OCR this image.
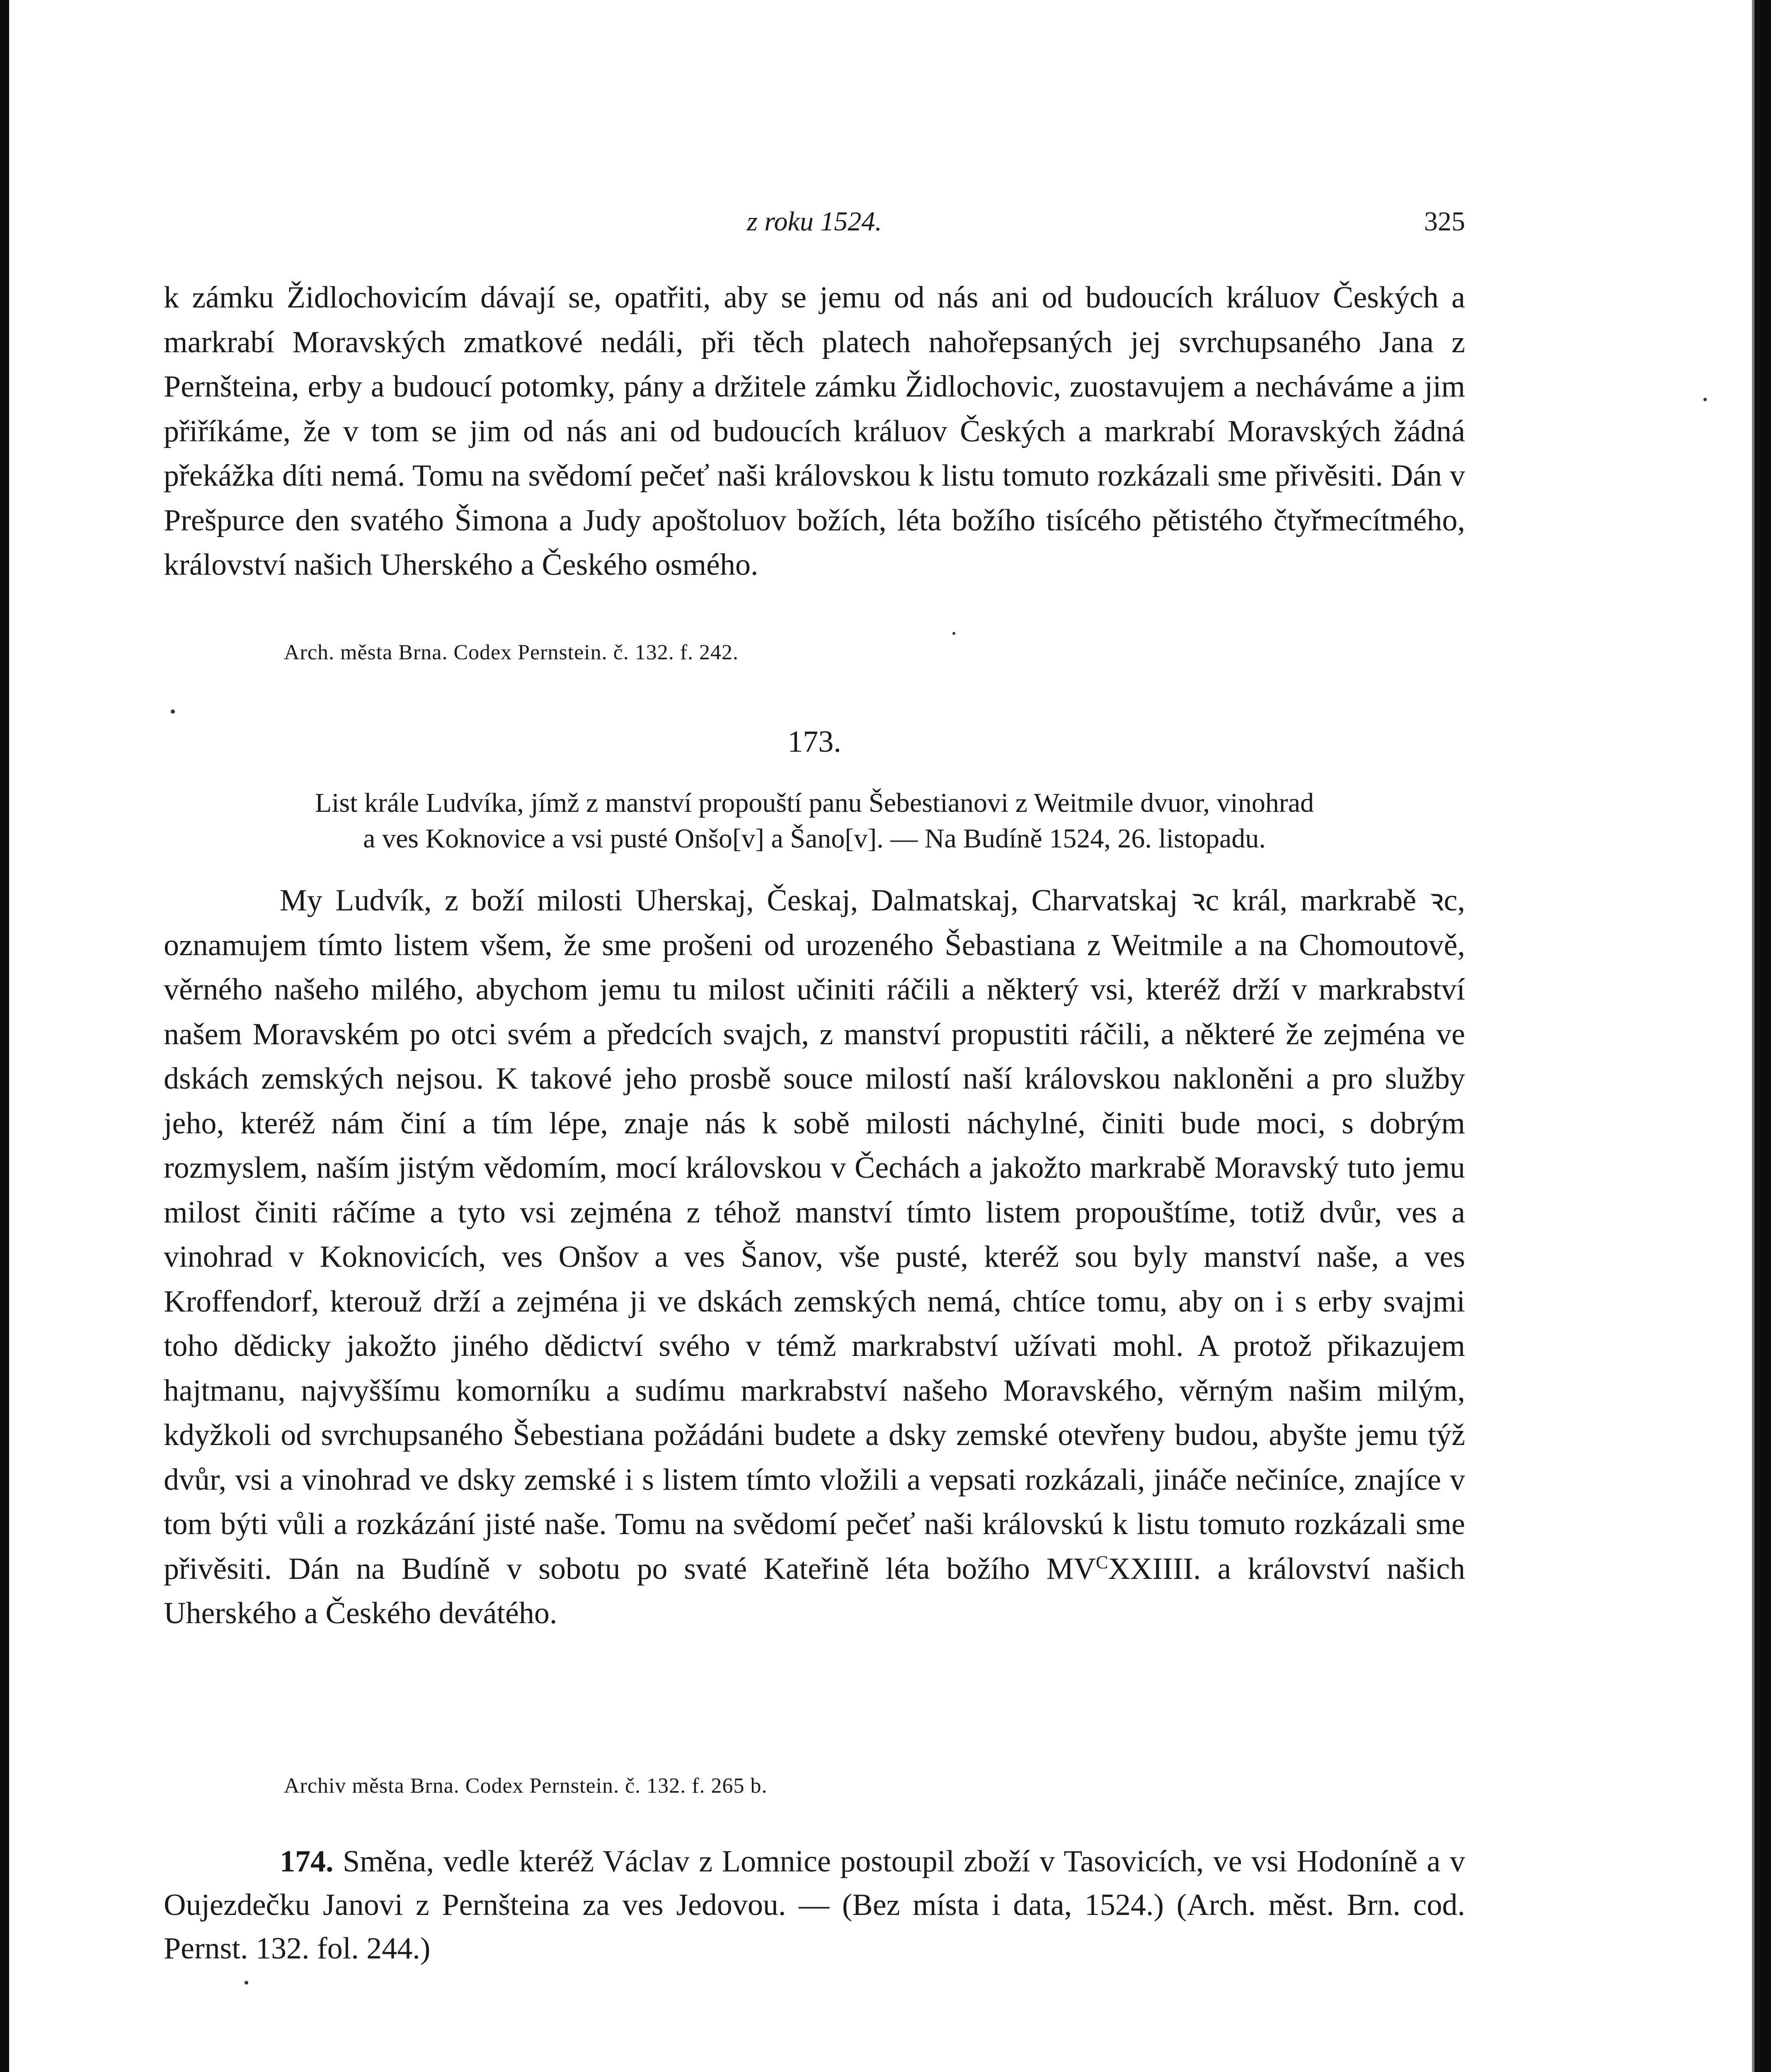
z roku 1524.	325

k zámku Židlochovicím dávají se, opatřiti, aby se jemu od nás ani od budoucích králuov Českých a markrabí Moravských zmatkové nedáli, při těch platech nahořepsaných jej svrchupsaného Jana z Pernšteina, erby a budoucí potomky, pány a držitele zámku Židlochovic, zuostavujem a necháváme a jim přiříkáme, že v tom se jim od nás ani od budoucích králuov Českých a markrabí Moravských žádná překážka díti nemá. Tomu na svědomí pečeť naši královskou k listu tomuto rozkázali sme přivěsiti. Dán v Prešpurce den svatého Šimona a Judy apoštoluov božích, léta božího tisícého pětistého čtyřmecítmého, království našich Uherského a Českého osmého.

Arch. města Brna. Codex Pernstein. č. 132. f. 242.
173.
List krále Ludvíka, jímž z manství propouští panu Šebestianovi z Weitmile dvuor, vinohrad
a ves Koknovice a vsi pusté Onšo[v] a Šano[v]. — Na Budíně 1524, 26. listopadu.

My Ludvík, z boží milosti Uherskaj, Českaj, Dalmatskaj, Charvatskaj ꝛc král, markrabě ꝛc, oznamujem tímto listem všem, že sme prošeni od urozeného Šebastiana z Weitmile a na Chomoutově, věrného našeho milého, abychom jemu tu milost učiniti ráčili a některý vsi, kteréž drží v markrabství našem Moravském po otci svém a předcích svajch, z manství propustiti ráčili, a některé že zejména ve dskách zemských nejsou. K takové jeho prosbě souce milostí naší královskou nakloněni a pro služby jeho, kteréž nám činí a tím lépe, znaje nás k sobě milosti náchylné, činiti bude moci, s dobrým rozmyslem, naším jistým vědomím, mocí královskou v Čechách a jakožto markrabě Moravský tuto jemu milost činiti ráčíme a tyto vsi zejména z téhož manství tímto listem propouštíme, totiž dvůr, ves a vinohrad v Koknovicích, ves Onšov a ves Šanov, vše pusté, kteréž sou byly manství naše, a ves Kroffendorf, kterouž drží a zejména ji ve dskách zemských nemá, chtíce tomu, aby on i s erby svajmi toho dědicky jakožto jiného dědictví svého v témž markrabství užívati mohl. A protož přikazujem hajtmanu, najvyššímu komorníku a sudímu markrabství našeho Moravského, věrným našim milým, kdyžkoli od svrchupsaného Šebestiana požádáni budete a dsky zemské otevřeny budou, abyšte jemu týž dvůr, vsi a vinohrad ve dsky zemské i s listem tímto vložili a vepsati rozkázali, jináče nečiníce, znajíce v tom býti vůli a rozkázání jisté naše. Tomu na svědomí pečeť naši královskú k listu tomuto rozkázali sme přivěsiti. Dán na Budíně v sobotu po svaté Kateřině léta božího $MV^CXXIIII$. a království našich Uherského a Českého devátého.

Archiv města Brna. Codex Pernstein. č. 132. f. 265 b.

174. Směna, vedle kteréž Václav z Lomnice postoupil zboží v Tasovicích, ve vsi Hodoníně a v Oujezdečku Janovi z Pernšteina za ves Jedovou. — (Bez místa i data, 1524.) (Arch. měst. Brn. cod. Pernst. 132. fol. 244.)
